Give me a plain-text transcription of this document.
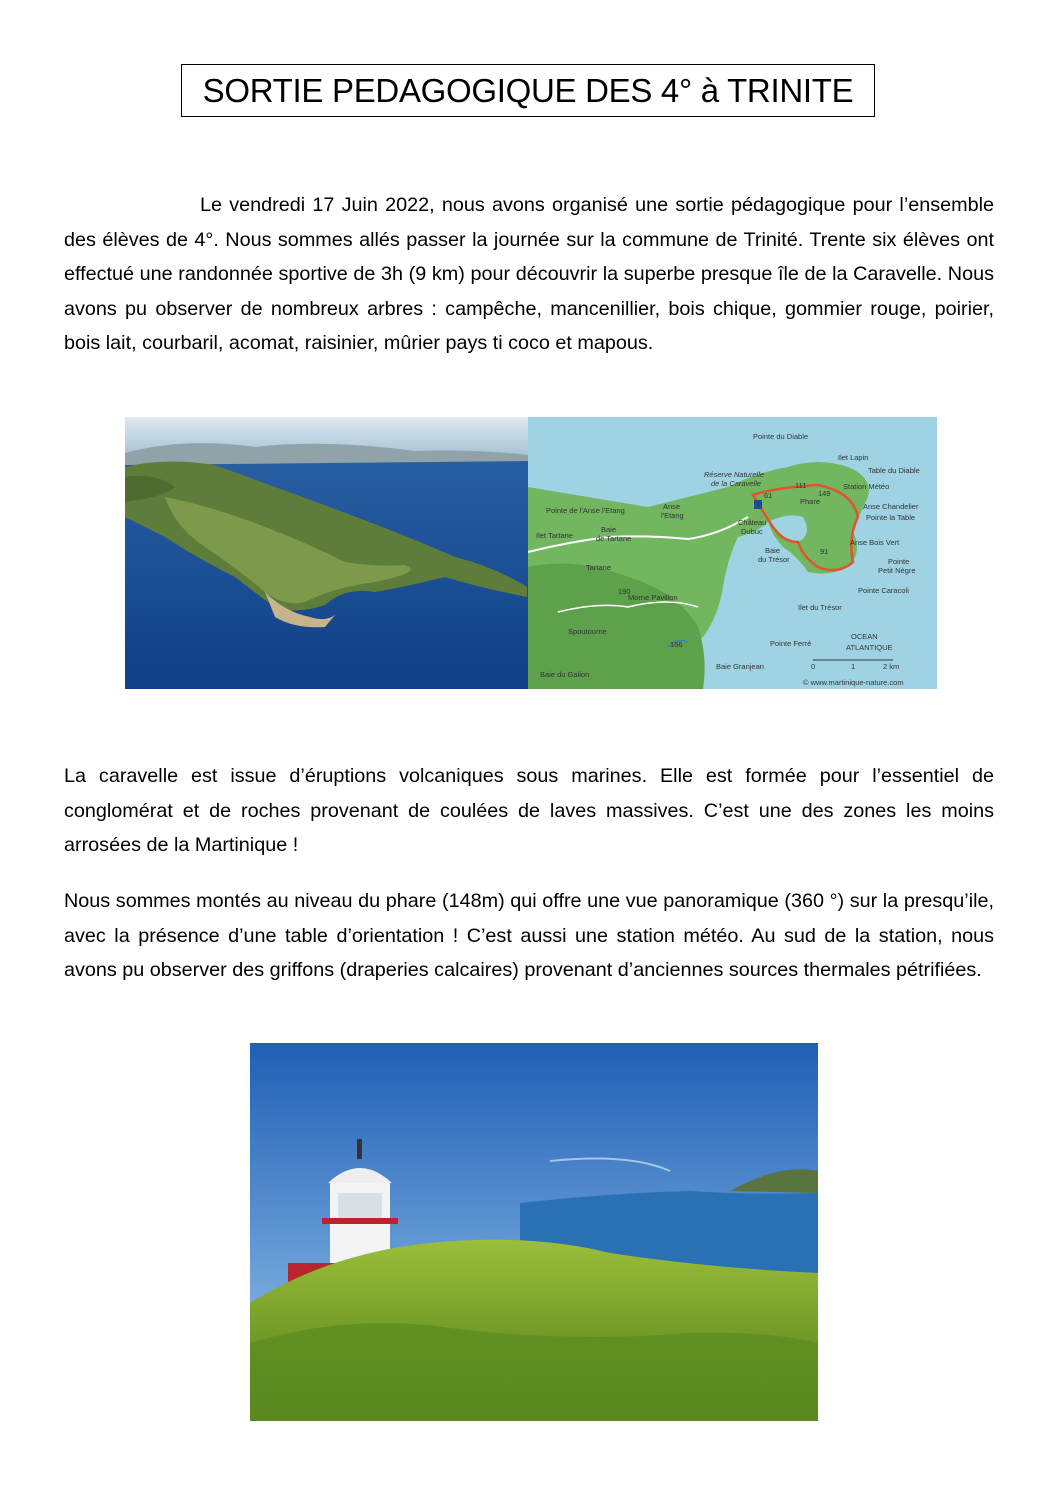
SORTIE PEDAGOGIQUE DES 4° à TRINITE
Le vendredi 17 Juin 2022, nous avons organisé une sortie pédagogique pour l’ensemble des élèves de 4°. Nous sommes allés passer la journée sur la commune de Trinité. Trente six élèves ont effectué une randonnée sportive de 3h (9 km) pour découvrir la superbe presque île de la Caravelle. Nous avons pu observer de nombreux arbres : campêche, mancenillier, bois chique, gommier rouge, poirier, bois lait, courbaril, acomat, raisinier, mûrier pays ti coco et mapous.
P
Pointe du Diable
Ilet Lapin
Table du Diable
Réserve Naturelle
de la Caravelle	Station Météo
Anse Chandelier
Pointe la Table
Anse Bois Vert
Pointe
Petit Nègre
Pointe Caracoli
Ilet du Trésor
Pointe Ferré
OCEAN
ATLANTIQUE
Baie Granjean
Baie du Galion
Spoutourne
Morne Pavillon
Tartane
Ilet Tartane
Baie
de Tartane
Pointe de l'Anse l'Etang	Anse
l'Etang
Château
Dubuc
Baie
du Trésor
Phare
149
111
91
61
190
166
0	1	2 km
© www.martinique-nature.com
La caravelle est issue d’éruptions volcaniques sous marines. Elle est formée pour l’essentiel de conglomérat et de roches provenant de coulées de laves massives. C’est une des zones les moins arrosées de la Martinique !
Nous sommes montés au niveau du phare (148m) qui offre une vue panoramique (360 °) sur la presqu’ile, avec la présence d’une table d’orientation ! C’est aussi une station météo. Au sud de la station, nous avons pu observer des griffons (draperies calcaires) provenant d’anciennes sources thermales pétrifiées.
